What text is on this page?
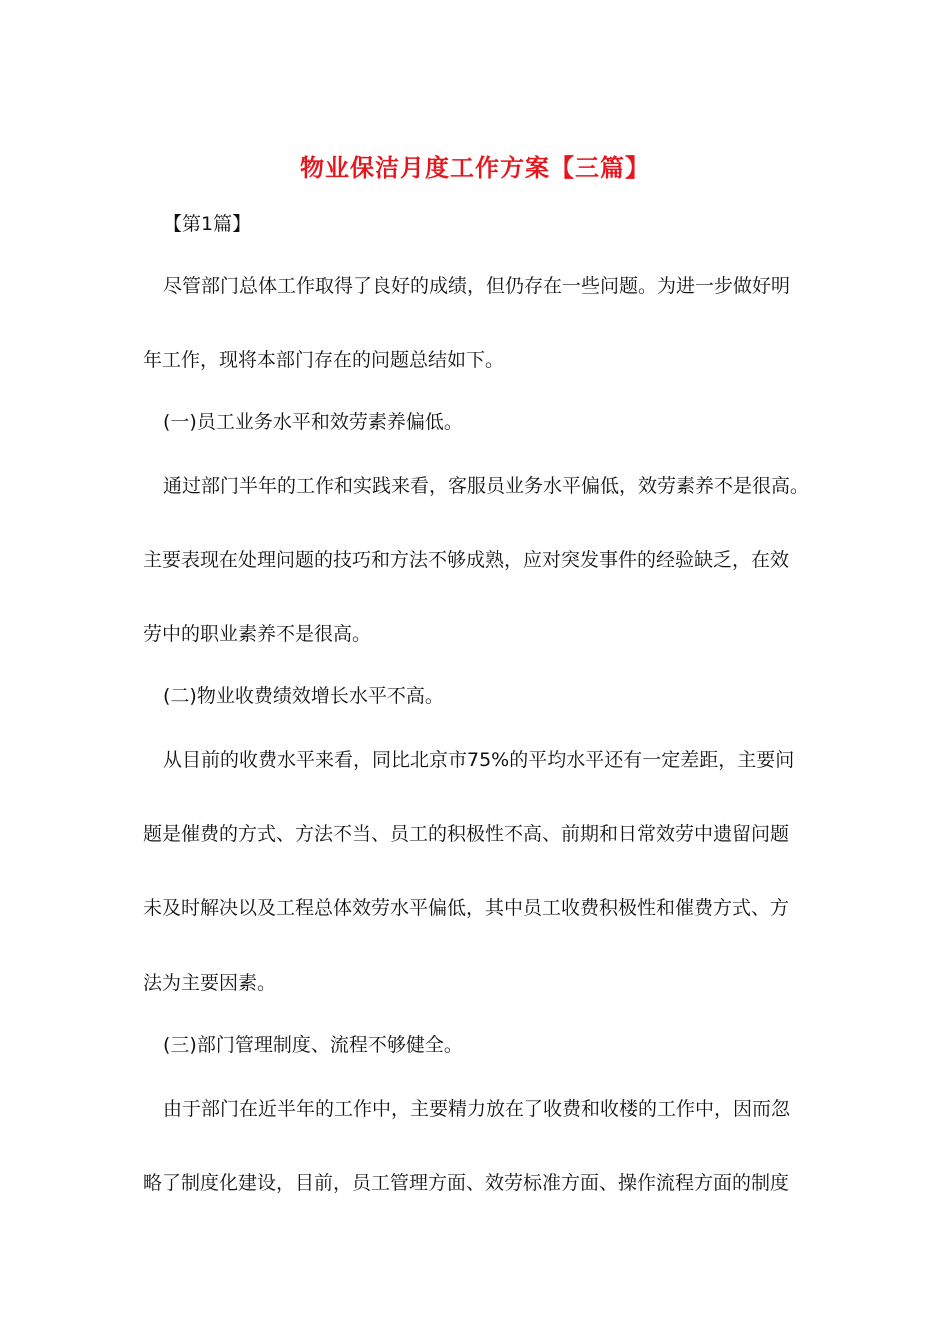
物业保洁月度工作方案【三篇】
【第1篇】
尽管部门总体工作取得了良好的成绩，但仍存在一些问题。为进一步做好明
年工作，现将本部门存在的问题总结如下。
(一)员工业务水平和效劳素养偏低。
通过部门半年的工作和实践来看，客服员业务水平偏低，效劳素养不是很高。
主要表现在处理问题的技巧和方法不够成熟，应对突发事件的经验缺乏，在效
劳中的职业素养不是很高。
(二)物业收费绩效增长水平不高。
从目前的收费水平来看，同比北京市75%的平均水平还有一定差距，主要问
题是催费的方式、方法不当、员工的积极性不高、前期和日常效劳中遗留问题
未及时解决以及工程总体效劳水平偏低，其中员工收费积极性和催费方式、方
法为主要因素。
(三)部门管理制度、流程不够健全。
由于部门在近半年的工作中，主要精力放在了收费和收楼的工作中，因而忽
略了制度化建设，目前，员工管理方面、效劳标准方面、操作流程方面的制度
